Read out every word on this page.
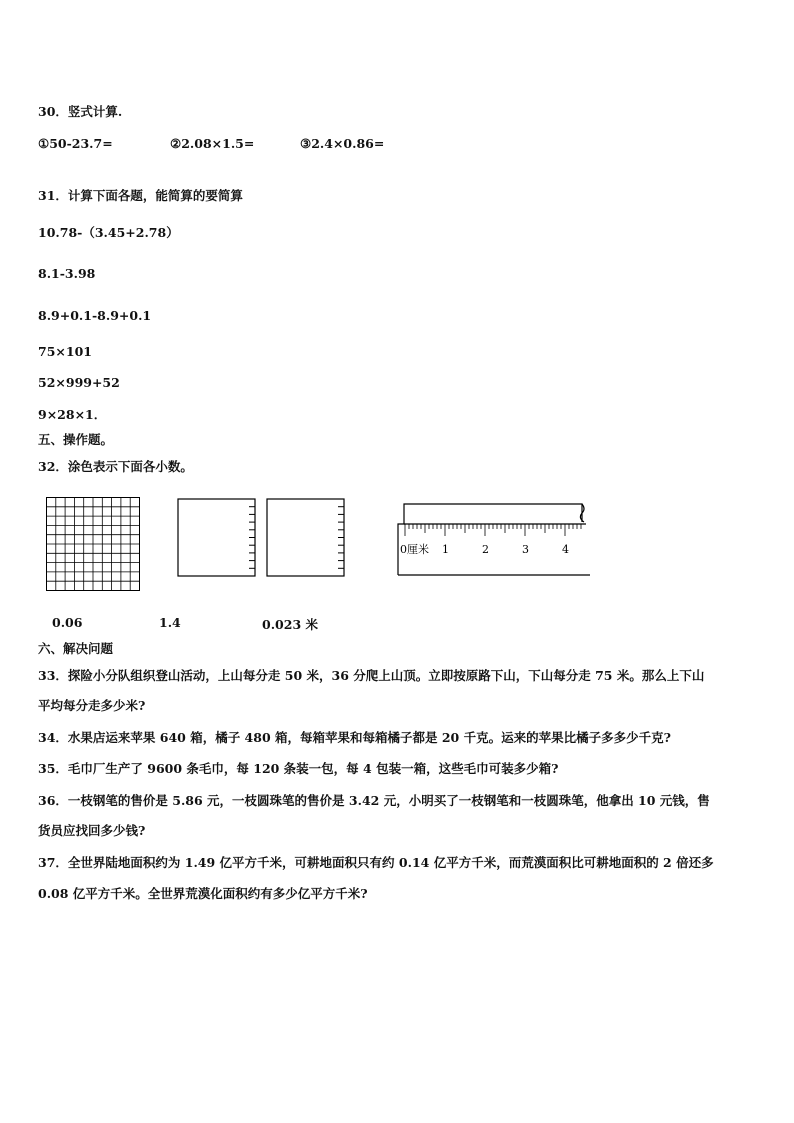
30．竖式计算.
①50-23.7=	②2.08×1.5=	③2.4×0.86=
31．计算下面各题，能简算的要简算
10.78-（3.45+2.78）
8.1-3.98
8.9+0.1-8.9+0.1
75×101
52×999+52
9×28×1．
五、操作题。
32．涂色表示下面各小数。
0厘米 1	2	3	4
0.06	1.4	0.023 米
六、解决问题
33．探险小分队组织登山活动，上山每分走 50 米，36 分爬上山顶。立即按原路下山，下山每分走 75 米。那么上下山
平均每分走多少米?
34．水果店运来苹果 640 箱，橘子 480 箱，每箱苹果和每箱橘子都是 20 千克。运来的苹果比橘子多多少千克?
35．毛巾厂生产了 9600 条毛巾，每 120 条装一包，每 4 包装一箱，这些毛巾可装多少箱?
36．一枝钢笔的售价是 5.86 元，一枝圆珠笔的售价是 3.42 元，小明买了一枝钢笔和一枝圆珠笔，他拿出 10 元钱，售
货员应找回多少钱?
37．全世界陆地面积约为 1.49 亿平方千米，可耕地面积只有约 0.14 亿平方千米，而荒漠面积比可耕地面积的 2 倍还多
0.08 亿平方千米。全世界荒漠化面积约有多少亿平方千米?
